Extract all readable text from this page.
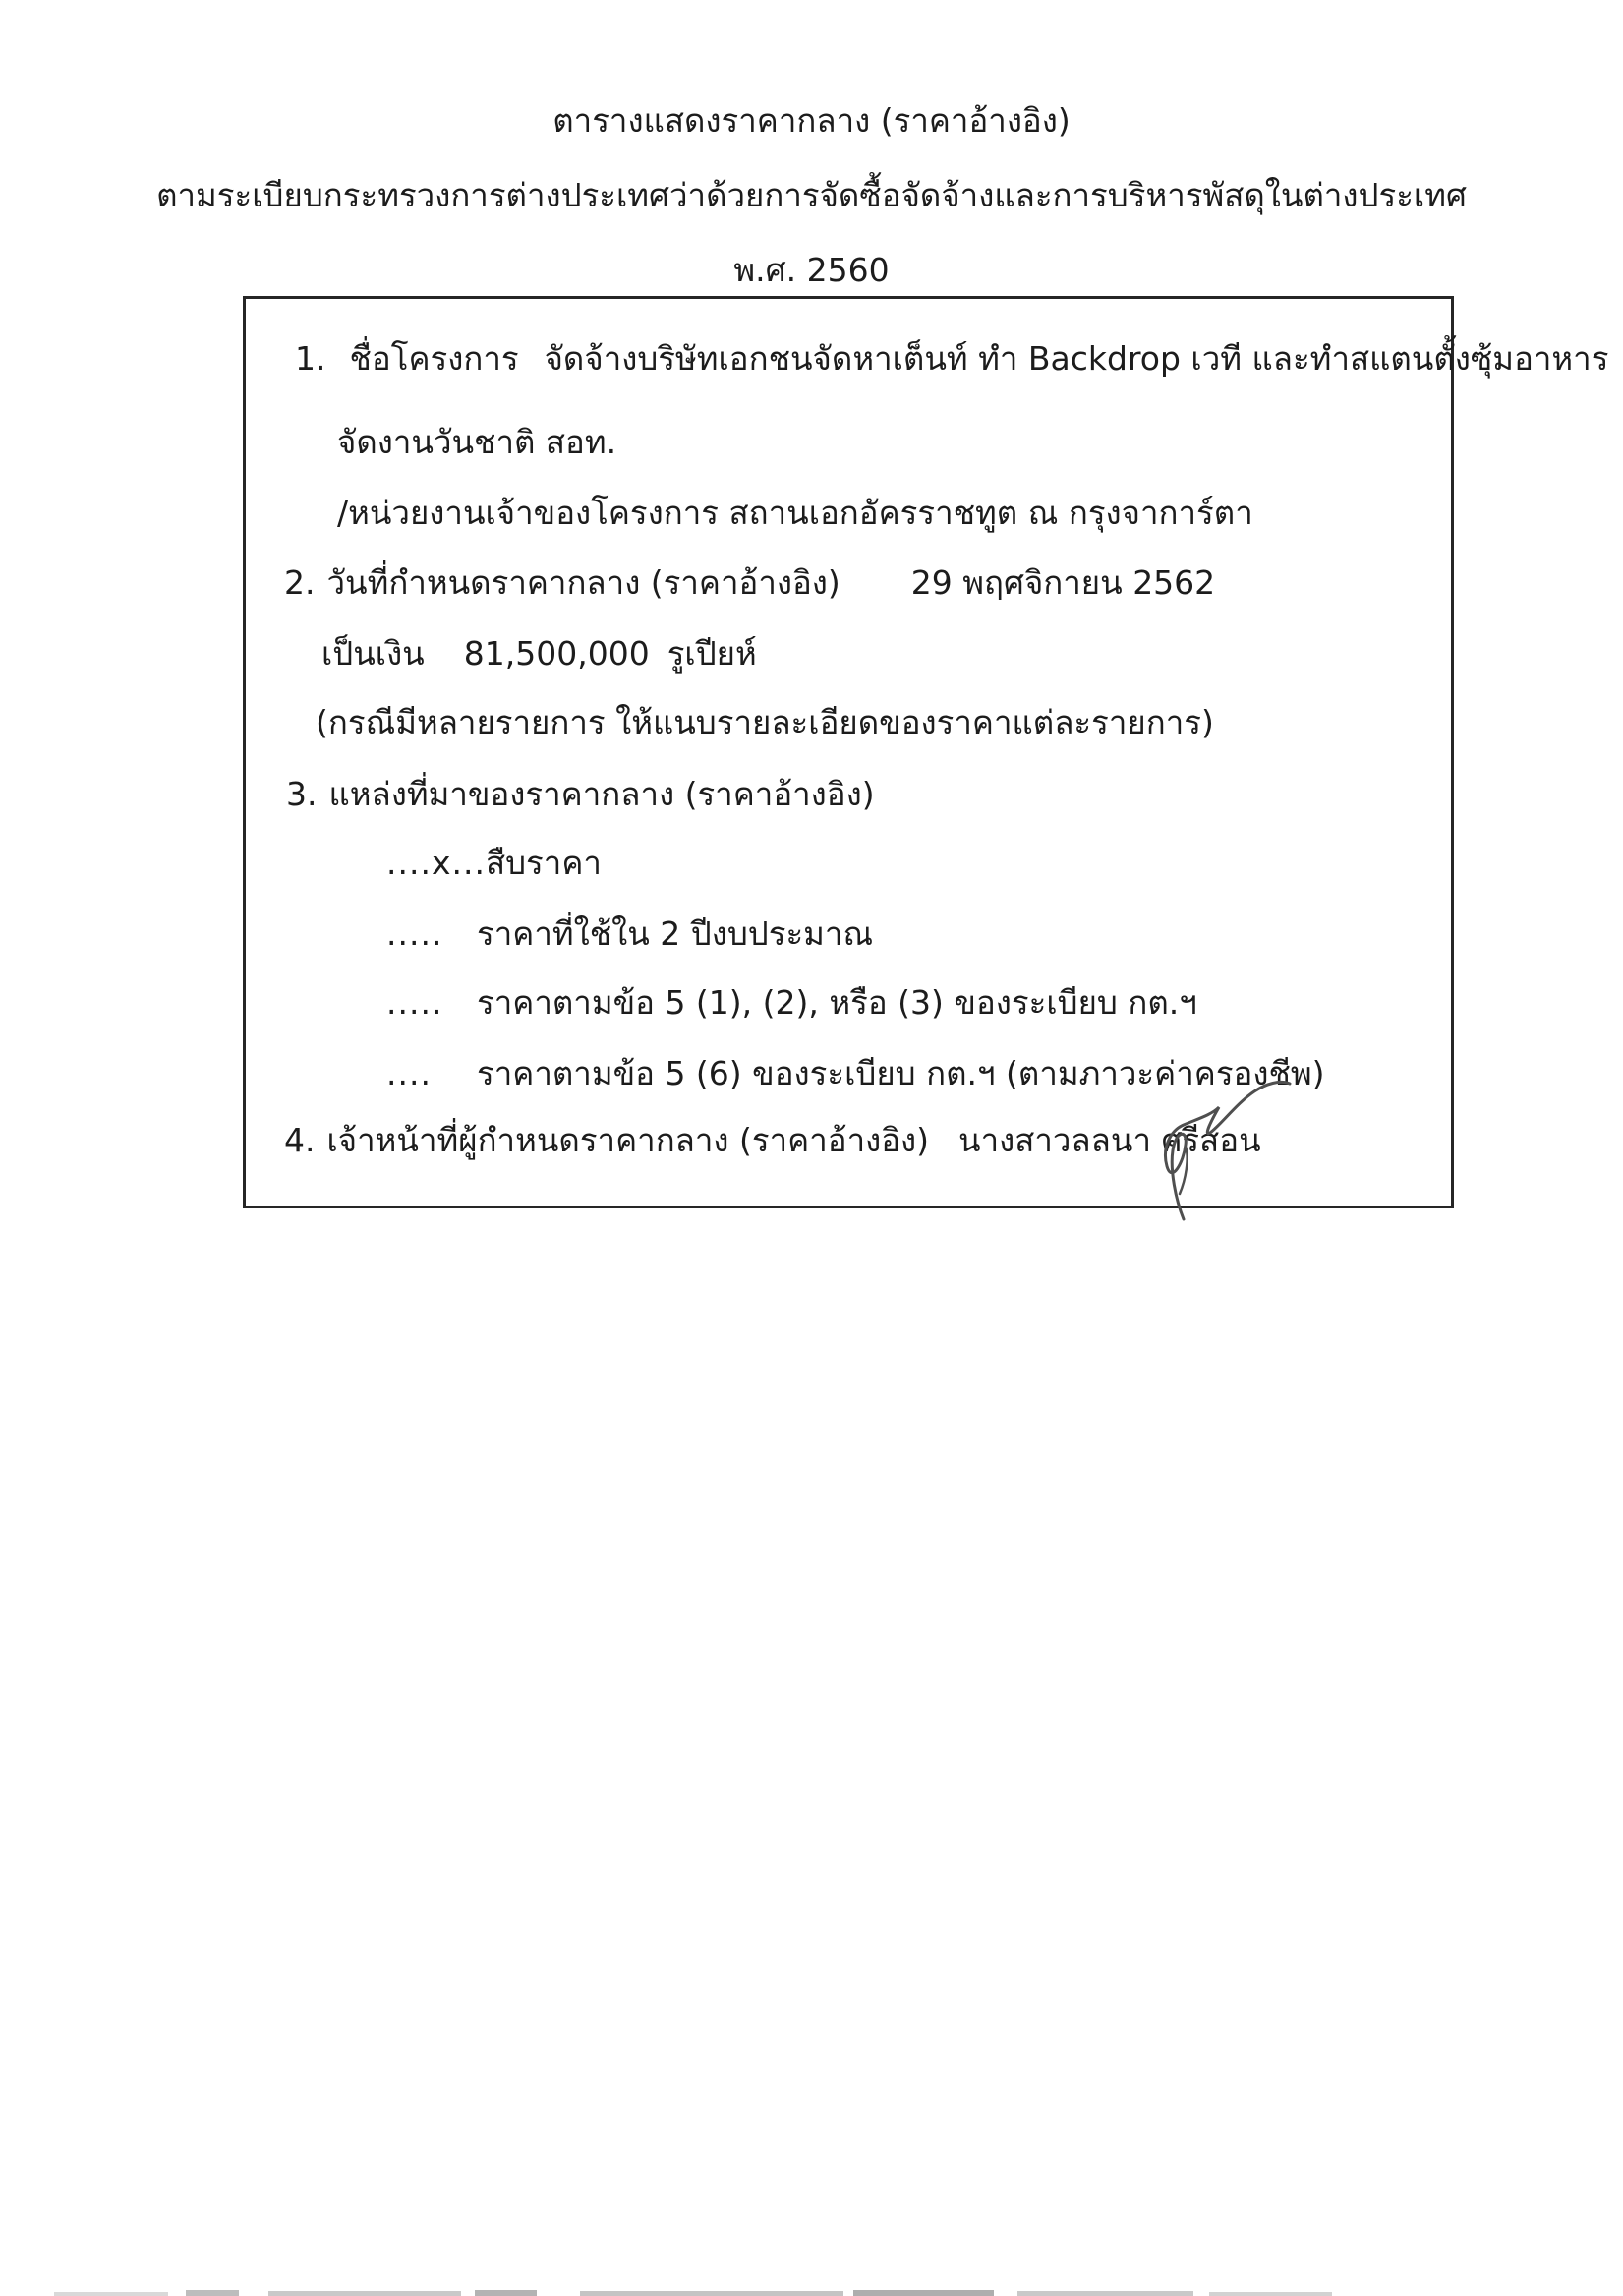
ตารางแสดงราคากลาง (ราคาอ้างอิง)
ตามระเบียบกระทรวงการต่างประเทศว่าด้วยการจัดซื้อจัดจ้างและการบริหารพัสดุในต่างประเทศ
พ.ศ. 2560
1. ชื่อโครงการ จัดจ้างบริษัทเอกชนจัดหาเต็นท์ ทำ Backdrop เวที และทำสแตนตั้งซุ้มอาหาร
จัดงานวันชาติ สอท.
/หน่วยงานเจ้าของโครงการ สถานเอกอัครราชทูต ณ กรุงจาการ์ตา
2. วันที่กำหนดราคากลาง (ราคาอ้างอิง) 29 พฤศจิกายน 2562
เป็นเงิน 81,500,000 รูเปียห์
(กรณีมีหลายรายการ ให้แนบรายละเอียดของราคาแต่ละรายการ)
3. แหล่งที่มาของราคากลาง (ราคาอ้างอิง)
....x...สืบราคา
..... ราคาที่ใช้ใน 2 ปีงบประมาณ
..... ราคาตามข้อ 5 (1), (2), หรือ (3) ของระเบียบ กต.ฯ
.... ราคาตามข้อ 5 (6) ของระเบียบ กต.ฯ (ตามภาวะค่าครองชีพ)
4. เจ้าหน้าที่ผู้กำหนดราคากลาง (ราคาอ้างอิง) นางสาวลลนา ศรีสอน
